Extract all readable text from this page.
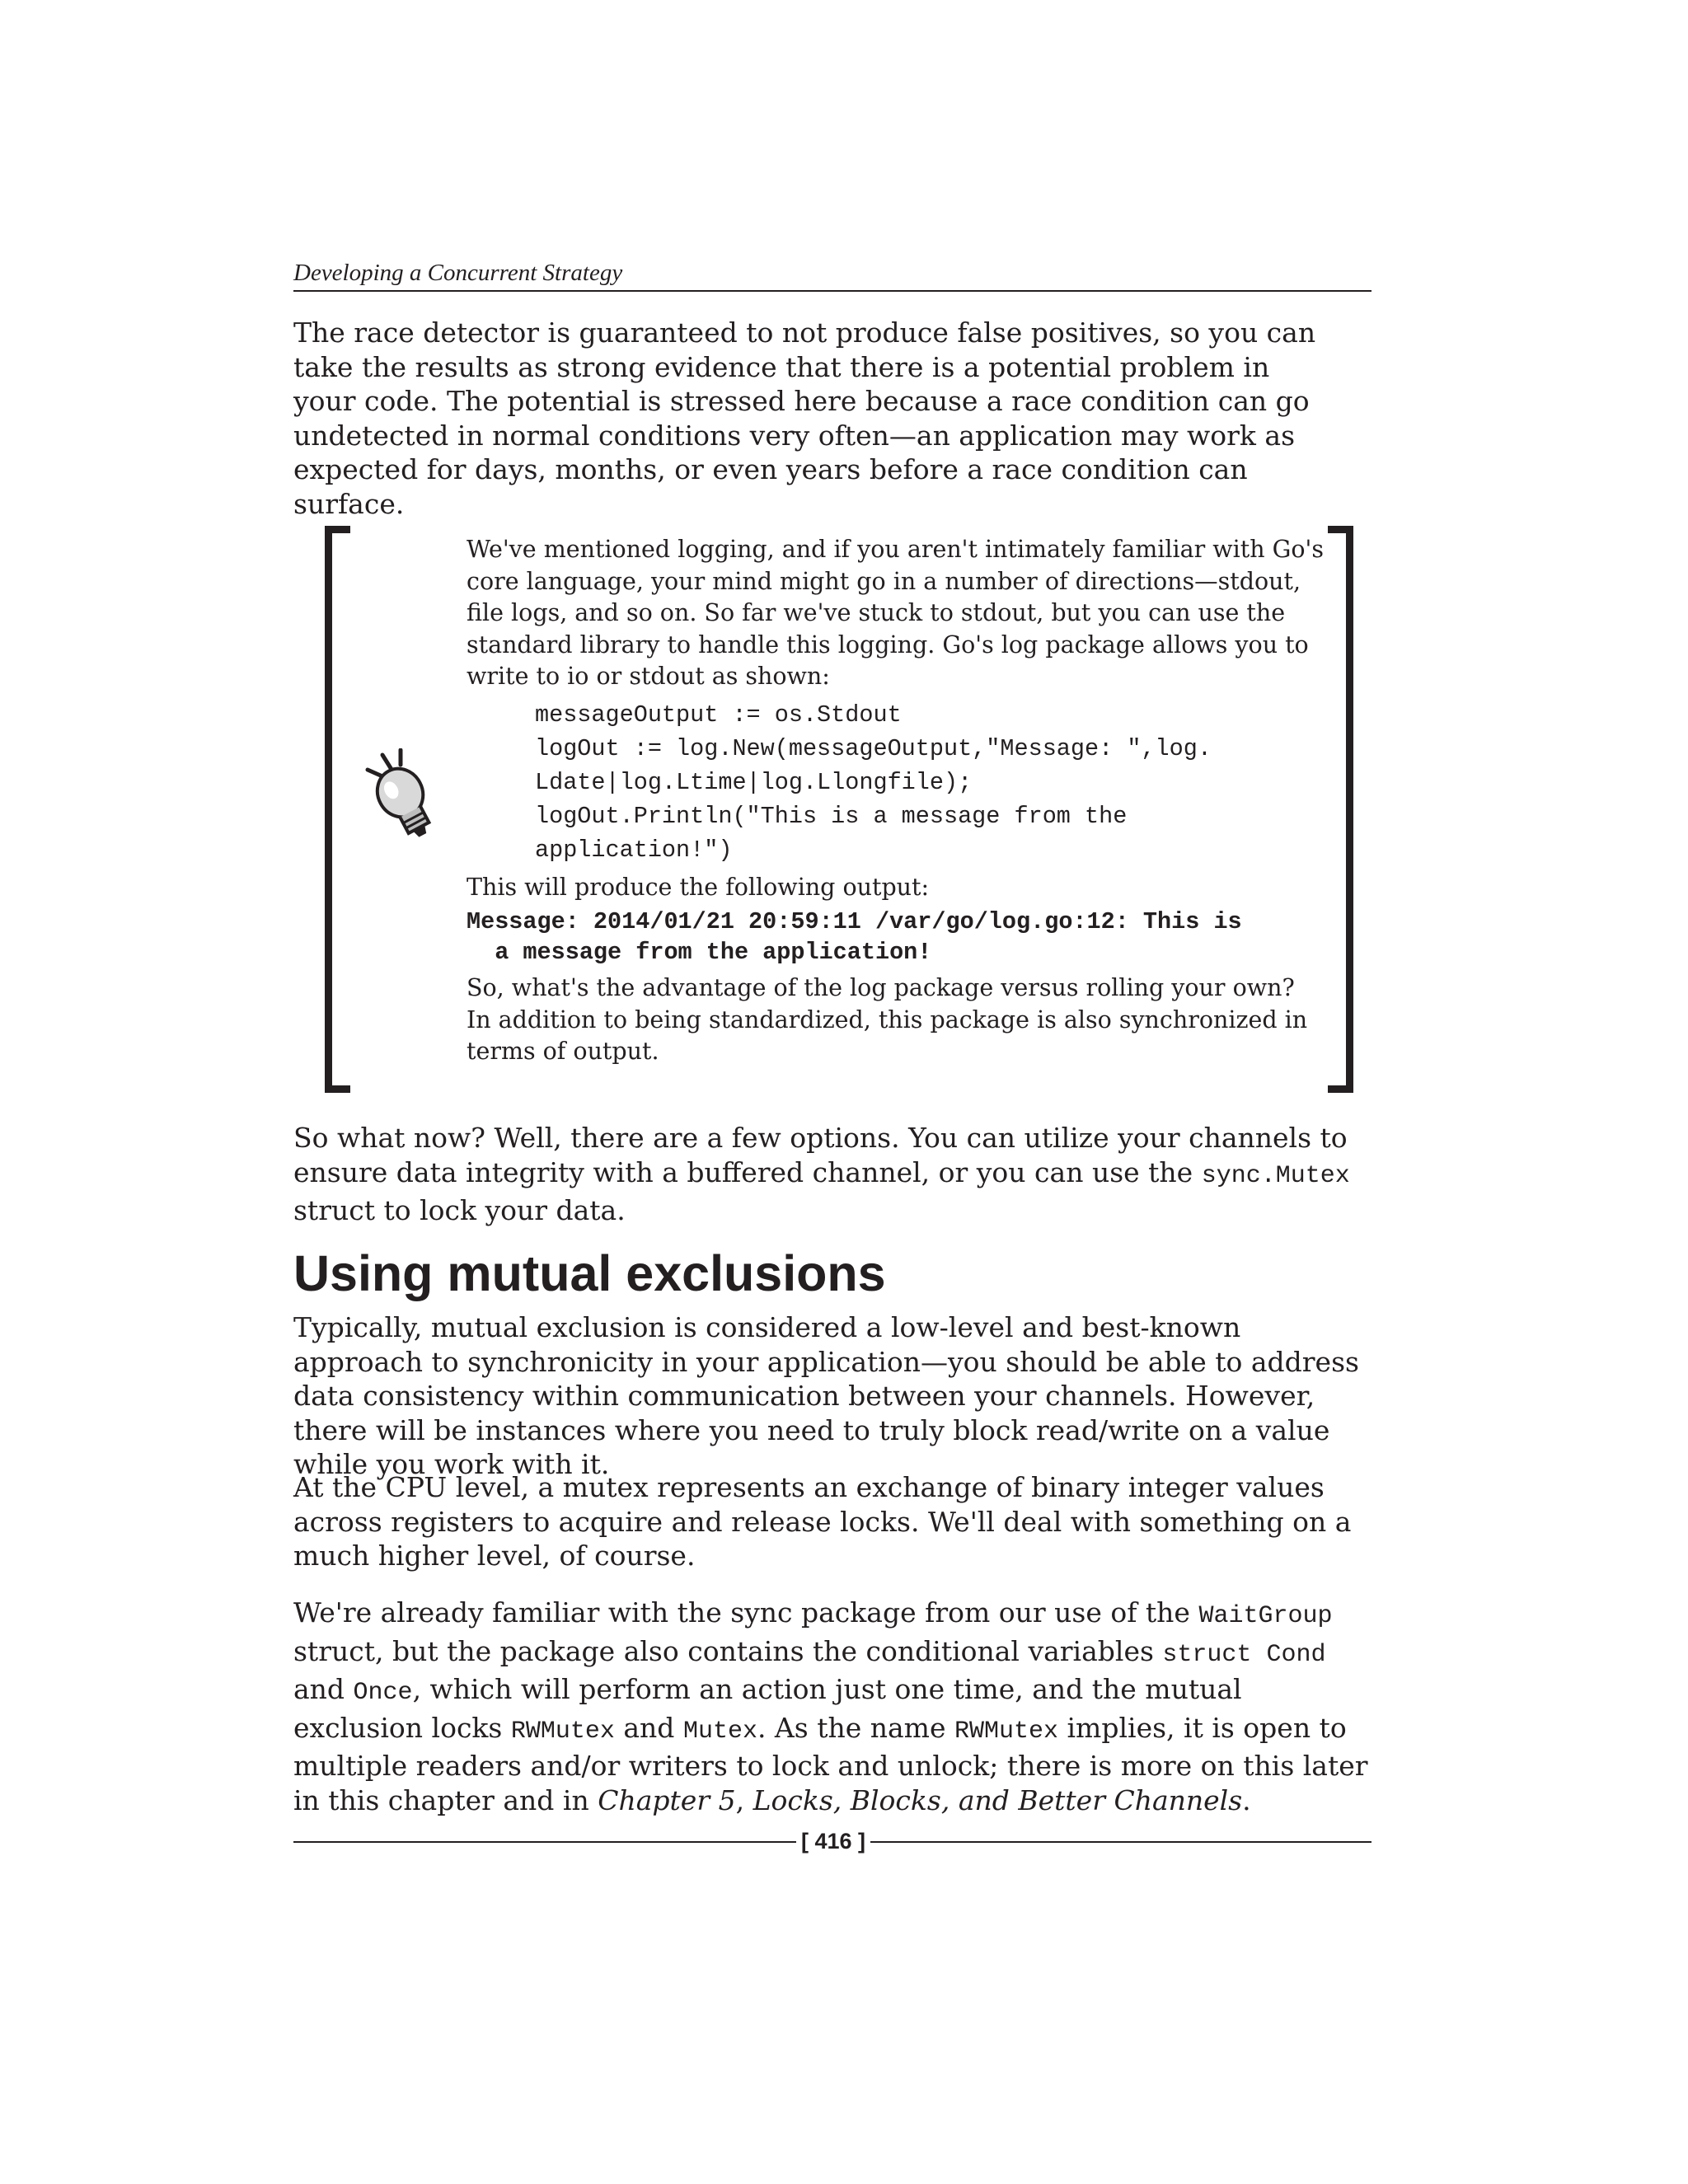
Developing a Concurrent Strategy

The race detector is guaranteed to not produce false positives, so you can take the results as strong evidence that there is a potential problem in your code. The potential is stressed here because a race condition can go undetected in normal conditions very often—an application may work as expected for days, months, or even years before a race condition can surface.

We've mentioned logging, and if you aren't intimately familiar with Go's core language, your mind might go in a number of directions—stdout, file logs, and so on. So far we've stuck to stdout, but you can use the standard library to handle this logging. Go's log package allows you to write to io or stdout as shown:

messageOutput := os.Stdout
logOut := log.New(messageOutput,"Message: ",log.
Ldate|log.Ltime|log.Llongfile);
logOut.Println("This is a message from the
application!")

This will produce the following output:

Message: 2014/01/21 20:59:11 /var/go/log.go:12: This is
a message from the application!

So, what's the advantage of the log package versus rolling your own? In addition to being standardized, this package is also synchronized in terms of output.

So what now? Well, there are a few options. You can utilize your channels to ensure data integrity with a buffered channel, or you can use the sync.Mutex struct to lock your data.

Using mutual exclusions

Typically, mutual exclusion is considered a low-level and best-known approach to synchronicity in your application—you should be able to address data consistency within communication between your channels. However, there will be instances where you need to truly block read/write on a value while you work with it.

At the CPU level, a mutex represents an exchange of binary integer values across registers to acquire and release locks. We'll deal with something on a much higher level, of course.

We're already familiar with the sync package from our use of the WaitGroup struct, but the package also contains the conditional variables struct Cond and Once, which will perform an action just one time, and the mutual exclusion locks RWMutex and Mutex. As the name RWMutex implies, it is open to multiple readers and/or writers to lock and unlock; there is more on this later in this chapter and in Chapter 5, Locks, Blocks, and Better Channels.

[ 416 ]
